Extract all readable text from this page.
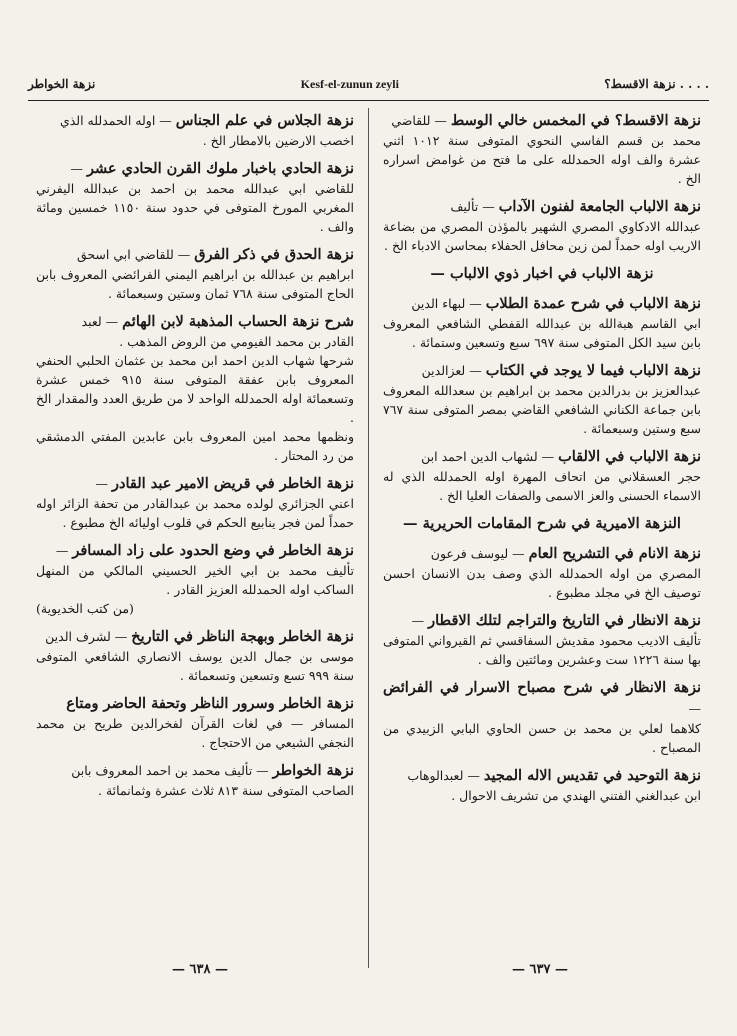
نزهة الخواطر	Kesf-el-zunun zeyli	نزهة الاقسط؟ . . . .
نزهة الاقسط؟ في المخمس خالي الوسط — للقاضي
محمد بن قسم الفاسي النحوي المتوفى سنة ١٠١٢ اثني عشرة والف اوله الحمدلله على ما فتح من غوامض اسراره الخ .
نزهة الالباب الجامعة لفنون الآداب — تأليف
عبدالله الادكاوي المصري الشهير بالمؤذن المصري من بضاعة الاريب اوله حمداً لمن زين محافل الحفلاء بمحاسن الادباء الخ .
نزهة الالباب في اخبار ذوي الالباب —
نزهة الالباب في شرح عمدة الطلاب — لبهاء الدين
ابي القاسم هبةالله بن عبدالله القفطي الشافعي المعروف بابن سيد الكل المتوفى سنة ٦٩٧ سبع وتسعين وستمائة .
نزهة الالباب فيما لا يوجد في الكتاب — لعزالدين
عبدالعزيز بن بدرالدين محمد بن ابراهيم بن سعدالله المعروف بابن جماعة الكناني الشافعي القاضي بمصر المتوفى سنة ٧٦٧ سبع وستين وسبعمائة .
نزهة الالباب في الالقاب — لشهاب الدين احمد ابن
حجر العسقلاني من اتحاف المهرة اوله الحمدلله الذي له الاسماء الحسنى والعز الاسمى والصفات العليا الخ .
النزهة الاميرية في شرح المقامات الحريرية —
نزهة الانام في التشريح العام — ليوسف فرعون
المصري من اوله الحمدلله الذي وصف بدن الانسان احسن توصيف الخ في مجلد مطبوع .
نزهة الانظار في التاريخ والتراجم لتلك الاقطار —
تأليف الاديب محمود مقديش السفاقسي ثم القيرواني المتوفى بها سنة ١٢٢٦ ست وعشرين ومائتين والف .
نزهة الانظار في شرح مصباح الاسرار في الفرائض —
كلاهما لعلي بن محمد بن حسن الحاوي البابي الزبيدي من المصباح .
نزهة التوحيد في تقديس الاله المجيد — لعبدالوهاب
ابن عبدالغني الفتني الهندي من تشريف الاحوال .
نزهة الجلاس في علم الجناس — اوله الحمدلله الذي
اخصب الارضين بالامطار الخ .
نزهة الحادي باخبار ملوك القرن الحادي عشر —
للقاضي ابي عبدالله محمد بن احمد بن عبدالله اليفرني المغربي المورخ المتوفى في حدود سنة ١١٥٠ خمسين ومائة والف .
نزهة الحدق في ذكر الفرق — للقاضي ابي اسحق
ابراهيم بن عبدالله بن ابراهيم اليمني الفرائضي المعروف بابن الحاج المتوفى سنة ٧٦٨ ثمان وستين وسبعمائة .
شرح نزهة الحساب المذهبة لابن الهائم — لعبد
القادر بن محمد الفيومي من الروض المذهب .
شرحها شهاب الدين احمد ابن محمد بن عثمان الحلبي الحنفي المعروف بابن عفقة المتوفى سنة ٩١٥ خمس عشرة وتسعمائة اوله الحمدلله الواحد لا من طريق العدد والمقدار الخ .
ونظمها محمد امين المعروف بابن عابدين المفتي الدمشقي من رد المحتار .
نزهة الخاطر في قريض الامير عبد القادر —
اعني الجزائري لولده محمد بن عبدالقادر من تحفة الزائر اوله حمداً لمن فجر ينابيع الحكم في قلوب اوليائه الخ مطبوع .
نزهة الخاطر في وضع الحدود على زاد المسافر —
تأليف محمد بن ابي الخير الحسيني المالكي من المنهل الساكب اوله الحمدلله العزيز القادر .
(من كتب الخديوية)
نزهة الخاطر وبهجة الناظر في التاريخ — لشرف الدين
موسى بن جمال الدين يوسف الانصاري الشافعي المتوفى سنة ٩٩٩ تسع وتسعين وتسعمائة .
نزهة الخاطر وسرور الناظر وتحفة الحاضر ومتاع
المسافر — في لغات القرآن لفخرالدين طريح بن محمد النجفي الشيعي من الاحتجاج .
نزهة الخواطر — تأليف محمد بن احمد المعروف بابن
الصاحب المتوفى سنة ٨١٣ ثلاث عشرة وثمانمائة .
— ٦٣٨ —	— ٦٣٧ —
